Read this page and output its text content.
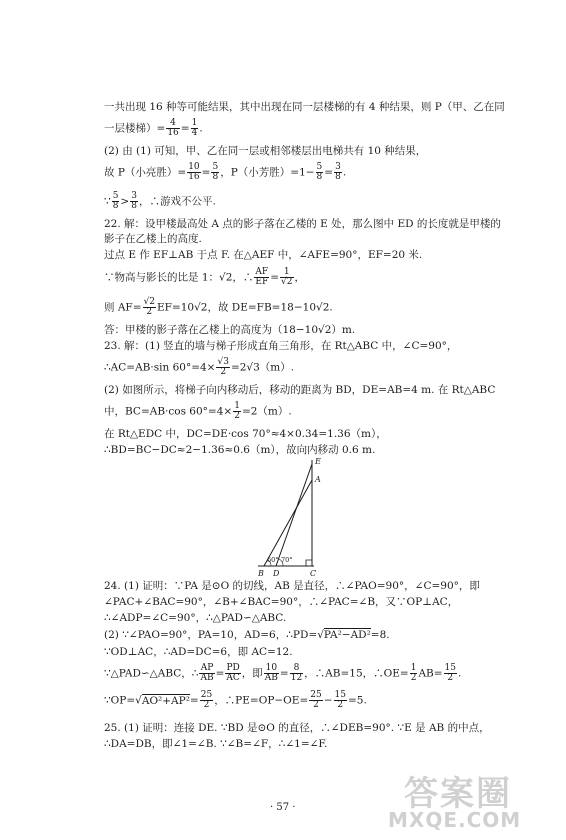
一共出现 16 种等可能结果，其中出现在同一层楼梯的有 4 种结果，则 P（甲、乙在同
一层楼梯）= $\frac{4}{16} = \frac{1}{4}$ .
(2) 由 (1) 可知，甲、乙在同一层或相邻楼层出电梯共有 10 种结果，
故 P（小亮胜）= $\frac{10}{16} = \frac{5}{8}$ ，P（小芳胜）$=1- \frac{5}{8} = \frac{3}{8}$ .
∵ $\frac{5}{8} > \frac{3}{8}$ ，∴游戏不公平.
22. 解：设甲楼最高处 A 点的影子落在乙楼的 E 处，那么图中 ED 的长度就是甲楼的
影子在乙楼上的高度.
过点 E 作 EF⊥AB 于点 F. 在△AEF 中，∠AFE=90°，EF=20 米.
∵物高与影长的比是 1：√2，∴ $\frac{AF}{EF} = \frac{1}{√2}$ ，
则 $AF= \frac{√2}{2} EF=10√2$，故 DE=FB=18−10√2.
答：甲楼的影子落在乙楼上的高度为（18−10√2）m.
23. 解：(1) 竖直的墙与梯子形成直角三角形，在 Rt△ABC 中，∠C=90°，
∴AC=AB·sin $60^\circ=4\times \frac{√3}{2} =2√3(m)$.
(2) 如图所示，将梯子向内移动后，移动的距离为 BD，DE=AB=4 m. 在 Rt△ABC
中，BC=AB·cos $60^\circ=4\times \frac{1}{2} =2(m)$.
在 Rt△EDC 中，DC=DE·cos 70°≈4×0.34=1.36（m），
∴BD=BC−DC≈2−1.36≈0.6（m），故向内移动 0.6 m.
E
A
B D	C
60° 70°
24. (1) 证明：∵PA 是⊙O 的切线，AB 是直径，∴∠PAO=90°，∠C=90°，即
∠PAC+∠BAC=90°，∠B+∠BAC=90°，∴∠PAC=∠B，又∵OP⊥AC，
∴∠ADP=∠C=90°，∴△PAD∽△ABC.
(2) ∵∠PAO=90°，PA=10，AD=6，∴PD=√PA²−AD²=8.
∵OD⊥AC，∴AD=DC=6，即 AC=12.
∵△PAD∽△ABC，∴ $\frac{AP}{AB} = \frac{PD}{AC}$ ，即 $\frac{10}{AB} = \frac{8}{12}$ ，∴AB=15，∴OE= $\frac{1}{2} AB= \frac{15}{2}$ .
∵OP=√AO²+AP²= $\frac{25}{2}$ ，∴PE=OP−OE= $\frac{25}{2} - \frac{15}{2} =5$.
25. (1) 证明：连接 DE. ∵BD 是⊙O 的直径，∴∠DEB=90°. ∵E 是 AB 的中点，
∴DA=DB，即∠1=∠B. ∵∠B=∠F，∴∠1=∠F.
· 57 ·	答案圈
MXQE.COM
